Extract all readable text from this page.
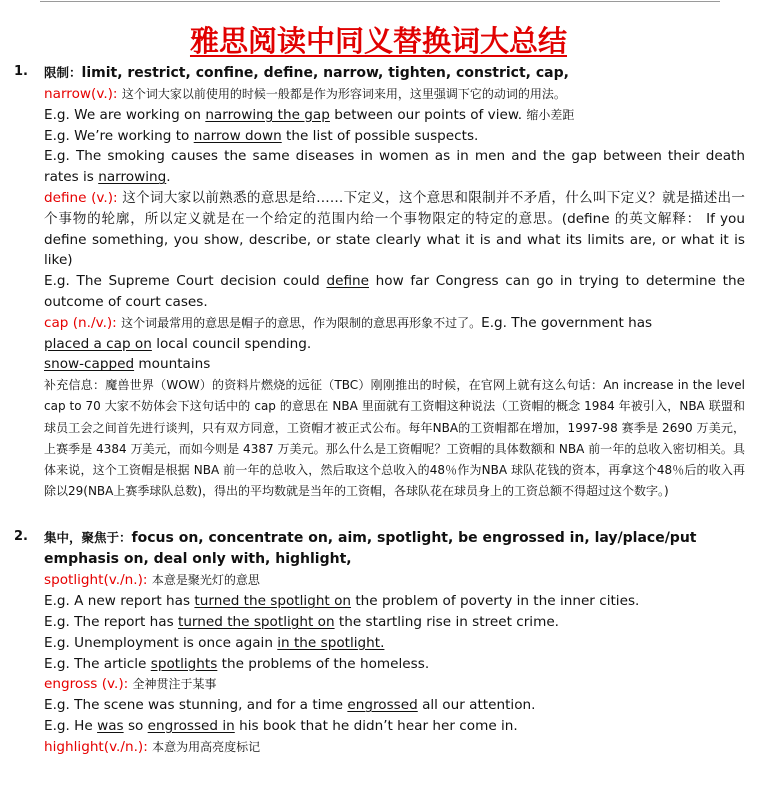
雅思阅读中同义替换词大总结
1. 限制：limit, restrict, confine, define, narrow, tighten, constrict, cap,
narrow(v.): 这个词大家以前使用的时候一般都是作为形容词来用，这里强调下它的动词的用法。
E.g. We are working on narrowing the gap between our points of view. 缩小差距
E.g. We’re working to narrow down the list of possible suspects.
E.g. The smoking causes the same diseases in women as in men and the gap between their death rates is narrowing.
define (v.): 这个词大家以前熟悉的意思是给……下定义，这个意思和限制并不矛盾，什么叫下定义？就是描述出一个事物的轮廓，所以定义就是在一个给定的范围内给一个事物限定的特定的意思。(define 的英文解释： If you define something, you show, describe, or state clearly what it is and what its limits are, or what it is like)
E.g. The Supreme Court decision could define how far Congress can go in trying to determine the outcome of court cases.
cap (n./v.): 这个词最常用的意思是帽子的意思，作为限制的意思再形象不过了。E.g. The government has
placed a cap on local council spending.
snow-capped mountains
补充信息：魔兽世界（WOW）的资料片燃烧的远征（TBC）刚刚推出的时候，在官网上就有这么句话：An increase in the level cap to 70 大家不妨体会下这句话中的 cap 的意思在 NBA 里面就有工资帽这种说法（工资帽的概念 1984 年被引入，NBA 联盟和球员工会之间首先进行谈判，只有双方同意，工资帽才被正式公布。每年NBA的工资帽都在增加，1997-98 赛季是 2690 万美元，上赛季是 4384 万美元，而如今则是 4387 万美元。那么什么是工资帽呢？工资帽的具体数额和 NBA 前一年的总收入密切相关。具体来说，这个工资帽是根据 NBA 前一年的总收入，然后取这个总收入的48％作为NBA 球队花钱的资本，再拿这个48％后的收入再除以29(NBA上赛季球队总数)，得出的平均数就是当年的工资帽，各球队花在球员身上的工资总额不得超过这个数字。)
2. 集中，聚焦于：focus on, concentrate on, aim, spotlight, be engrossed in, lay/place/put
emphasis on, deal only with, highlight,
spotlight(v./n.): 本意是聚光灯的意思
E.g. A new report has turned the spotlight on the problem of poverty in the inner cities.
E.g. The report has turned the spotlight on the startling rise in street crime.
E.g. Unemployment is once again in the spotlight.
E.g. The article spotlights the problems of the homeless.
engross (v.): 全神贯注于某事
E.g. The scene was stunning, and for a time engrossed all our attention.
E.g. He was so engrossed in his book that he didn’t hear her come in.
highlight(v./n.): 本意为用高亮度标记
